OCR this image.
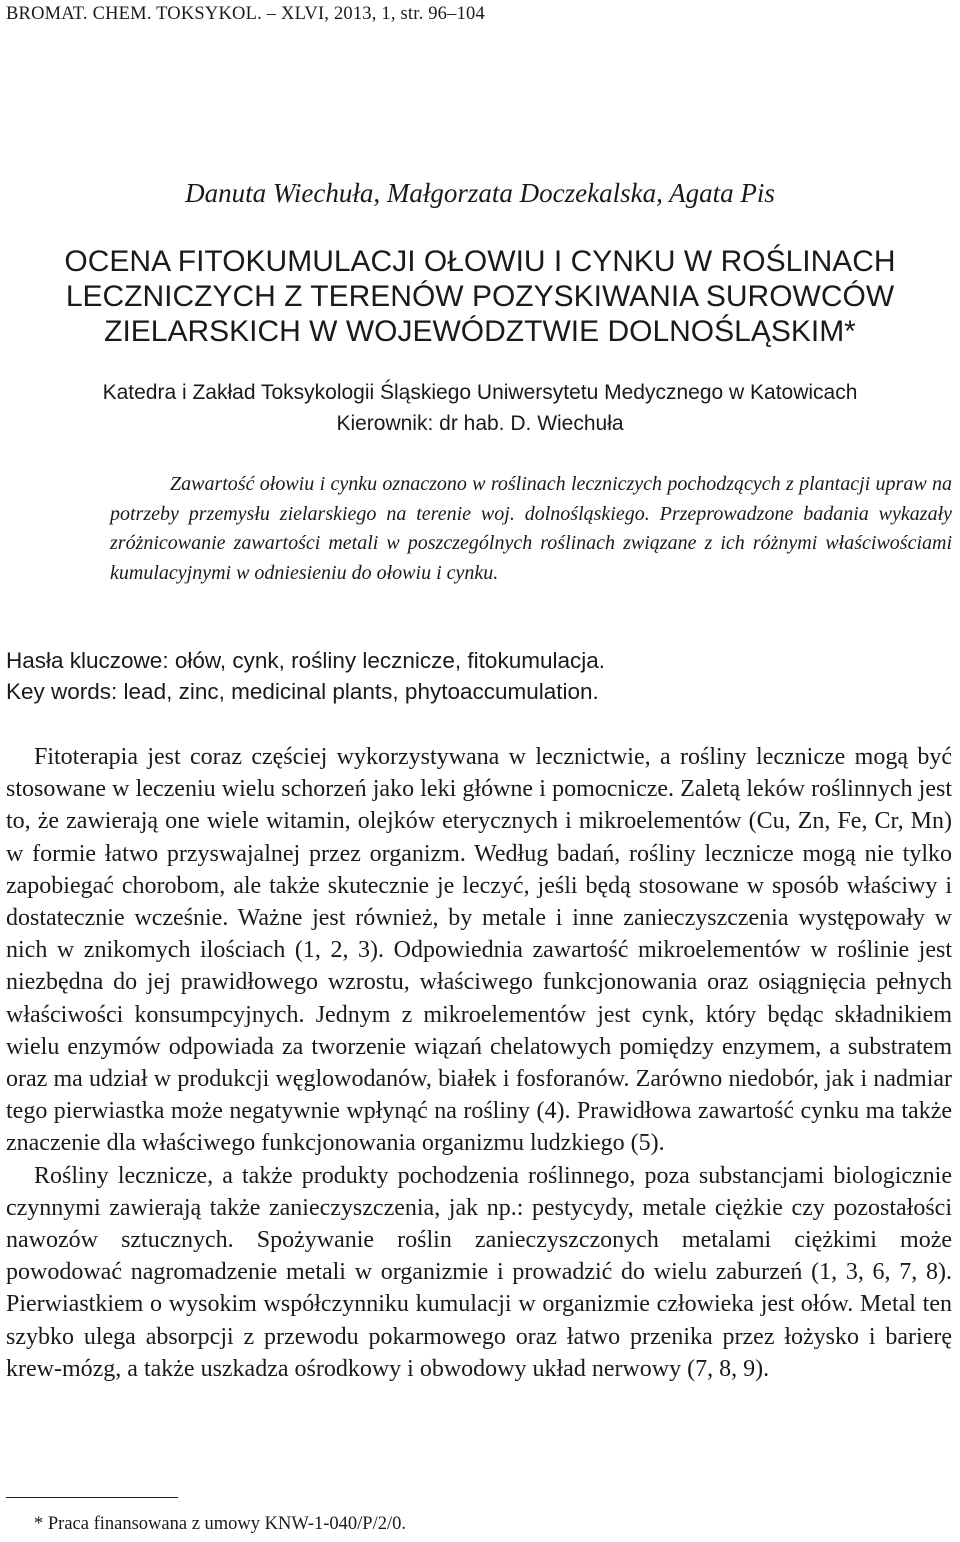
BROMAT. CHEM. TOKSYKOL. – XLVI, 2013, 1, str. 96–104
Danuta Wiechuła, Małgorzata Doczekalska, Agata Pis
OCENA FITOKUMULACJI OŁOWIU I CYNKU W ROŚLINACH
LECZNICZYCH Z TERENÓW POZYSKIWANIA SUROWCÓW
ZIELARSKICH W WOJEWÓDZTWIE DOLNOŚLĄSKIM*
Katedra i Zakład Toksykologii Śląskiego Uniwersytetu Medycznego w Katowicach
Kierownik: dr hab. D. Wiechuła

Zawartość ołowiu i cynku oznaczono w roślinach leczniczych pochodzących z plantacji upraw na potrzeby przemysłu zielarskiego na terenie woj. dolnośląskiego. Przeprowadzone badania wykazały zróżnicowanie zawartości metali w poszczególnych roślinach związane z ich różnymi właściwościami kumulacyjnymi w odniesieniu do ołowiu i cynku.

Hasła kluczowe: ołów, cynk, rośliny lecznicze, fitokumulacja.
Key words: lead, zinc, medicinal plants, phytoaccumulation.

Fitoterapia jest coraz częściej wykorzystywana w lecznictwie, a rośliny lecznicze mogą być stosowane w leczeniu wielu schorzeń jako leki główne i pomocnicze. Zaletą leków roślinnych jest to, że zawierają one wiele witamin, olejków eterycznych i mikroelementów (Cu, Zn, Fe, Cr, Mn) w formie łatwo przyswajalnej przez organizm. Według badań, rośliny lecznicze mogą nie tylko zapobiegać chorobom, ale także skutecznie je leczyć, jeśli będą stosowane w sposób właściwy i dostatecznie wcześnie. Ważne jest również, by metale i inne zanieczyszczenia występowały w nich w znikomych ilościach (1, 2, 3). Odpowiednia zawartość mikroelementów w roślinie jest niezbędna do jej prawidłowego wzrostu, właściwego funkcjonowania oraz osiągnięcia pełnych właściwości konsumpcyjnych. Jednym z mikroelementów jest cynk, który będąc składnikiem wielu enzymów odpowiada za tworzenie wiązań chelatowych pomiędzy enzymem, a substratem oraz ma udział w produkcji węglowodanów, białek i fosforanów. Zarówno niedobór, jak i nadmiar tego pierwiastka może negatywnie wpłynąć na rośliny (4). Prawidłowa zawartość cynku ma także znaczenie dla właściwego funkcjonowania organizmu ludzkiego (5).

Rośliny lecznicze, a także produkty pochodzenia roślinnego, poza substancjami biologicznie czynnymi zawierają także zanieczyszczenia, jak np.: pestycydy, metale ciężkie czy pozostałości nawozów sztucznych. Spożywanie roślin zanieczyszczonych metalami ciężkimi może powodować nagromadzenie metali w organizmie i prowadzić do wielu zaburzeń (1, 3, 6, 7, 8). Pierwiastkiem o wysokim współczynniku kumulacji w organizmie człowieka jest ołów. Metal ten szybko ulega absorpcji z przewodu pokarmowego oraz łatwo przenika przez łożysko i barierę krew-mózg, a także uszkadza ośrodkowy i obwodowy układ nerwowy (7, 8, 9).

* Praca finansowana z umowy KNW-1-040/P/2/0.
